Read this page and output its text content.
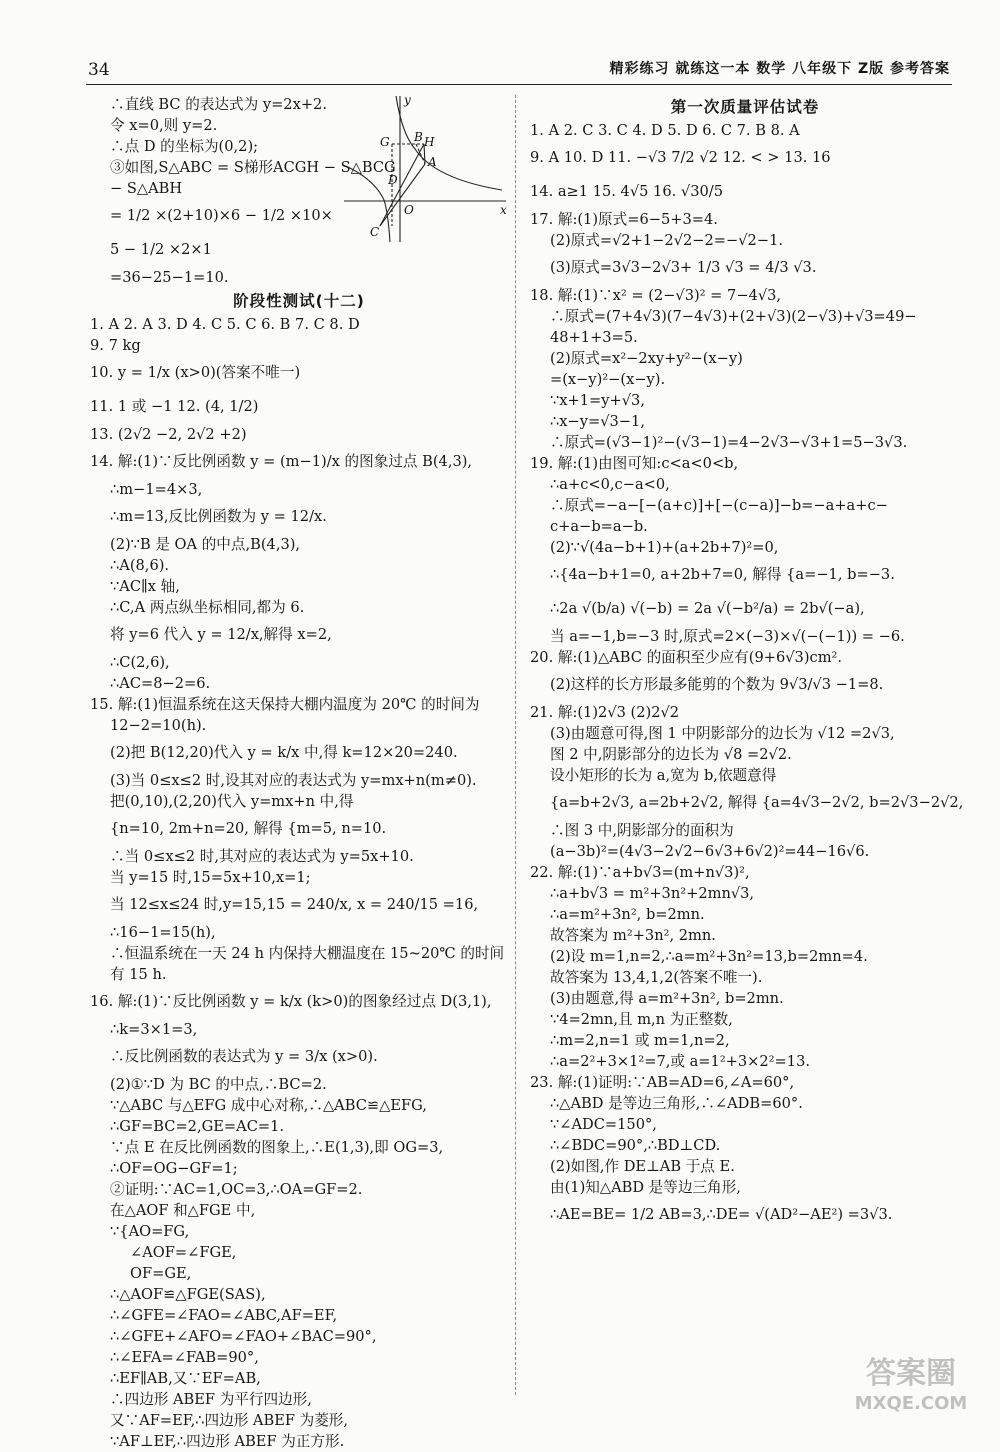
34	精彩练习 就练这一本 数学 八年级下 Z版 参考答案
∴直线 BC 的表达式为 y=2x+2.
令 x=0,则 y=2.
∴点 D 的坐标为(0,2);
③如图,S△ABC = S梯形ACGH − S△BCG
− S△ABH
= 1/2 ×(2+10)×6 − 1/2 ×10×
5 − 1/2 ×2×1
=36−25−1=10.
阶段性测试(十二)
1. A 2. A 3. D 4. C 5. C 6. B 7. C 8. D
9. 7 kg
10. y = 1/x (x>0)(答案不唯一)
11. 1 或 −1 12. (4, 1/2)
13. (2√2 −2, 2√2 +2)
14. 解:(1)∵反比例函数 y = (m−1)/x 的图象过点 B(4,3),
∴m−1=4×3,
∴m=13,反比例函数为 y = 12/x.
(2)∵B 是 OA 的中点,B(4,3),
∴A(8,6).
∵AC∥x 轴,
∴C,A 两点纵坐标相同,都为 6.
将 y=6 代入 y = 12/x,解得 x=2,
∴C(2,6),
∴AC=8−2=6.
15. 解:(1)恒温系统在这天保持大棚内温度为 20℃ 的时间为
12−2=10(h).
(2)把 B(12,20)代入 y = k/x 中,得 k=12×20=240.
(3)当 0≤x≤2 时,设其对应的表达式为 y=mx+n(m≠0).
把(0,10),(2,20)代入 y=mx+n 中,得
{n=10, 2m+n=20, 解得 {m=5, n=10.
∴当 0≤x≤2 时,其对应的表达式为 y=5x+10.
当 y=15 时,15=5x+10,x=1;
当 12≤x≤24 时,y=15,15 = 240/x, x = 240/15 =16,
∴16−1=15(h),
∴恒温系统在一天 24 h 内保持大棚温度在 15~20℃ 的时间
有 15 h.
16. 解:(1)∵反比例函数 y = k/x (k>0)的图象经过点 D(3,1),
∴k=3×1=3,
∴反比例函数的表达式为 y = 3/x (x>0).
(2)①∵D 为 BC 的中点,∴BC=2.
∵△ABC 与△EFG 成中心对称,∴△ABC≌△EFG,
∴GF=BC=2,GE=AC=1.
∵点 E 在反比例函数的图象上,∴E(1,3),即 OG=3,
∴OF=OG−GF=1;
②证明:∵AC=1,OC=3,∴OA=GF=2.
在△AOF 和△FGE 中,
∵{AO=FG,
∠AOF=∠FGE,
OF=GE,
∴△AOF≌△FGE(SAS),
∴∠GFE=∠FAO=∠ABC,AF=EF,
∴∠GFE+∠AFO=∠FAO+∠BAC=90°,
∴∠EFA=∠FAB=90°,
∴EF∥AB,又∵EF=AB,
∴四边形 ABEF 为平行四边形,
又∵AF=EF,∴四边形 ABEF 为菱形,
∵AF⊥EF,∴四边形 ABEF 为正方形.
y
x
G B H
A
D
O
C
第一次质量评估试卷
1. A 2. C 3. C 4. D 5. D 6. C 7. B 8. A
9. A 10. D 11. −√3 7/2 √2 12. < > 13. 16
14. a≥1 15. 4√5 16. √30/5
17. 解:(1)原式=6−5+3=4.
(2)原式=√2+1−2√2−2=−√2−1.
(3)原式=3√3−2√3+ 1/3 √3 = 4/3 √3.
18. 解:(1)∵x² = (2−√3)² = 7−4√3,
∴原式=(7+4√3)(7−4√3)+(2+√3)(2−√3)+√3=49−
48+1+3=5.
(2)原式=x²−2xy+y²−(x−y)
=(x−y)²−(x−y).
∵x+1=y+√3,
∴x−y=√3−1,
∴原式=(√3−1)²−(√3−1)=4−2√3−√3+1=5−3√3.
19. 解:(1)由图可知:c<a<0<b,
∴a+c<0,c−a<0,
∴原式=−a−[−(a+c)]+[−(c−a)]−b=−a+a+c−
c+a−b=a−b.
(2)∵√(4a−b+1)+(a+2b+7)²=0,
∴{4a−b+1=0, a+2b+7=0, 解得 {a=−1, b=−3.
∴2a √(b/a) √(−b) = 2a √(−b²/a) = 2b√(−a),
当 a=−1,b=−3 时,原式=2×(−3)×√(−(−1)) = −6.
20. 解:(1)△ABC 的面积至少应有(9+6√3)cm².
(2)这样的长方形最多能剪的个数为 9√3/√3 −1=8.
21. 解:(1)2√3 (2)2√2
(3)由题意可得,图 1 中阴影部分的边长为 √12 =2√3,
图 2 中,阴影部分的边长为 √8 =2√2.
设小矩形的长为 a,宽为 b,依题意得
{a=b+2√3, a=2b+2√2, 解得 {a=4√3−2√2, b=2√3−2√2,
∴图 3 中,阴影部分的面积为
(a−3b)²=(4√3−2√2−6√3+6√2)²=44−16√6.
22. 解:(1)∵a+b√3=(m+n√3)²,
∴a+b√3 = m²+3n²+2mn√3,
∴a=m²+3n², b=2mn.
故答案为 m²+3n², 2mn.
(2)设 m=1,n=2,∴a=m²+3n²=13,b=2mn=4.
故答案为 13,4,1,2(答案不唯一).
(3)由题意,得 a=m²+3n², b=2mn.
∵4=2mn,且 m,n 为正整数,
∴m=2,n=1 或 m=1,n=2,
∴a=2²+3×1²=7,或 a=1²+3×2²=13.
23. 解:(1)证明:∵AB=AD=6,∠A=60°,
∴△ABD 是等边三角形,∴∠ADB=60°.
∵∠ADC=150°,
∴∠BDC=90°,∴BD⊥CD.
(2)如图,作 DE⊥AB 于点 E.
由(1)知△ABD 是等边三角形,
∴AE=BE= 1/2 AB=3,∴DE= √(AD²−AE²) =3√3.
答案圈
MXQE.COM
